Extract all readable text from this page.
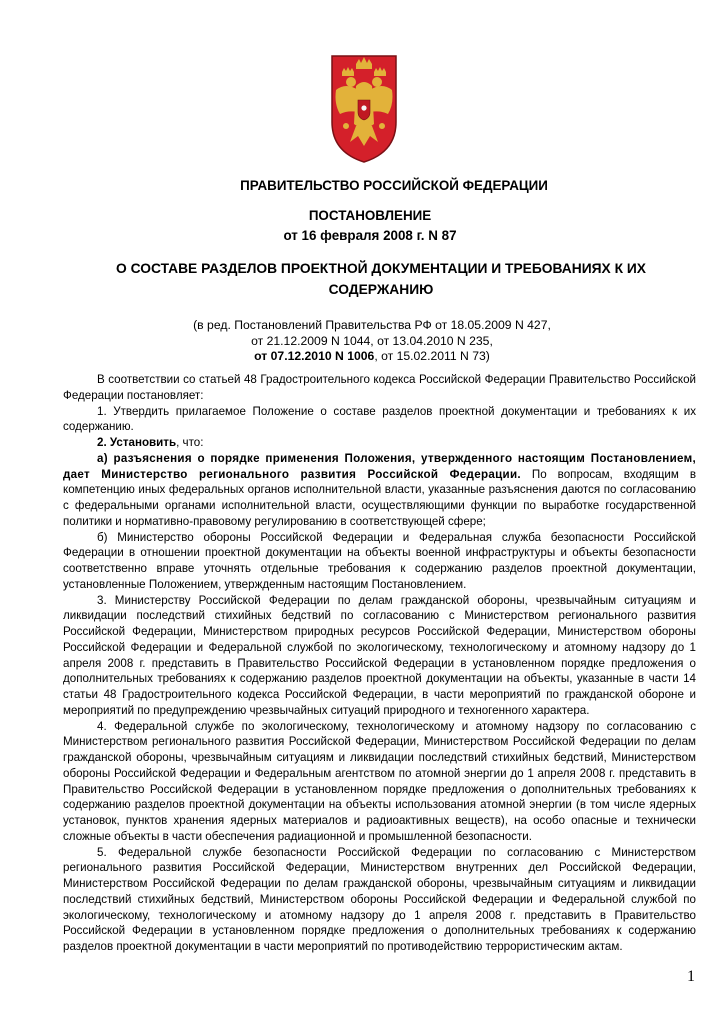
ПРАВИТЕЛЬСТВО РОССИЙСКОЙ ФЕДЕРАЦИИ
ПОСТАНОВЛЕНИЕ
от 16 февраля 2008 г. N 87
О СОСТАВЕ РАЗДЕЛОВ ПРОЕКТНОЙ ДОКУМЕНТАЦИИ И ТРЕБОВАНИЯХ К ИХ СОДЕРЖАНИЮ
(в ред. Постановлений Правительства РФ от 18.05.2009 N 427,
от 21.12.2009 N 1044, от 13.04.2010 N 235,
от 07.12.2010 N 1006, от 15.02.2011 N 73)

В соответствии со статьей 48 Градостроительного кодекса Российской Федерации Правительство Российской Федерации постановляет:

1. Утвердить прилагаемое Положение о составе разделов проектной документации и требованиях к их содержанию.

2. Установить, что:

а) разъяснения о порядке применения Положения, утвержденного настоящим Постановлением, дает Министерство регионального развития Российской Федерации. По вопросам, входящим в компетенцию иных федеральных органов исполнительной власти, указанные разъяснения даются по согласованию с федеральными органами исполнительной власти, осуществляющими функции по выработке государственной политики и нормативно-правовому регулированию в соответствующей сфере;

б) Министерство обороны Российской Федерации и Федеральная служба безопасности Российской Федерации в отношении проектной документации на объекты военной инфраструктуры и объекты безопасности соответственно вправе уточнять отдельные требования к содержанию разделов проектной документации, установленные Положением, утвержденным настоящим Постановлением.

3. Министерству Российской Федерации по делам гражданской обороны, чрезвычайным ситуациям и ликвидации последствий стихийных бедствий по согласованию с Министерством регионального развития Российской Федерации, Министерством природных ресурсов Российской Федерации, Министерством обороны Российской Федерации и Федеральной службой по экологическому, технологическому и атомному надзору до 1 апреля 2008 г. представить в Правительство Российской Федерации в установленном порядке предложения о дополнительных требованиях к содержанию разделов проектной документации на объекты, указанные в части 14 статьи 48 Градостроительного кодекса Российской Федерации, в части мероприятий по гражданской обороне и мероприятий по предупреждению чрезвычайных ситуаций природного и техногенного характера.

4. Федеральной службе по экологическому, технологическому и атомному надзору по согласованию с Министерством регионального развития Российской Федерации, Министерством Российской Федерации по делам гражданской обороны, чрезвычайным ситуациям и ликвидации последствий стихийных бедствий, Министерством обороны Российской Федерации и Федеральным агентством по атомной энергии до 1 апреля 2008 г. представить в Правительство Российской Федерации в установленном порядке предложения о дополнительных требованиях к содержанию разделов проектной документации на объекты использования атомной энергии (в том числе ядерных установок, пунктов хранения ядерных материалов и радиоактивных веществ), на особо опасные и технически сложные объекты в части обеспечения радиационной и промышленной безопасности.

5. Федеральной службе безопасности Российской Федерации по согласованию с Министерством регионального развития Российской Федерации, Министерством внутренних дел Российской Федерации, Министерством Российской Федерации по делам гражданской обороны, чрезвычайным ситуациям и ликвидации последствий стихийных бедствий, Министерством обороны Российской Федерации и Федеральной службой по экологическому, технологическому и атомному надзору до 1 апреля 2008 г. представить в Правительство Российской Федерации в установленном порядке предложения о дополнительных требованиях к содержанию разделов проектной документации в части мероприятий по противодействию террористическим актам.

1
